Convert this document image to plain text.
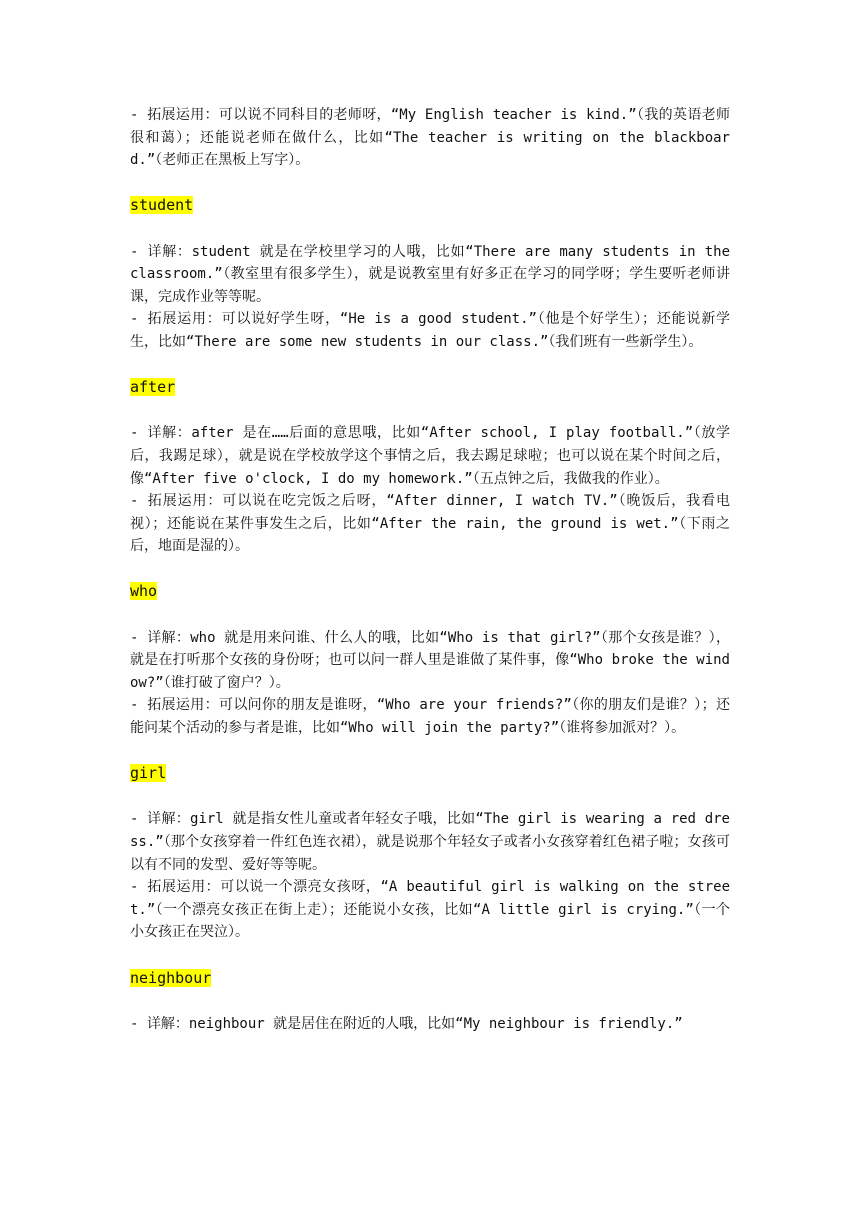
- 拓展运用：可以说不同科目的老师呀，“My English teacher is kind.”（我的英语老师很和蔼）；还能说老师在做什么，比如“The teacher is writing on the blackboard.”（老师正在黑板上写字）。

student

- 详解：student 就是在学校里学习的人哦，比如“There are many students in the classroom.”（教室里有很多学生），就是说教室里有好多正在学习的同学呀；学生要听老师讲课，完成作业等等呢。

- 拓展运用：可以说好学生呀，“He is a good student.”（他是个好学生）；还能说新学生，比如“There are some new students in our class.”（我们班有一些新学生）。

after

- 详解：after 是在……后面的意思哦，比如“After school, I play football.”（放学后，我踢足球），就是说在学校放学这个事情之后，我去踢足球啦；也可以说在某个时间之后，像“After five o'clock, I do my homework.”（五点钟之后，我做我的作业）。

- 拓展运用：可以说在吃完饭之后呀，“After dinner, I watch TV.”（晚饭后，我看电视）；还能说在某件事发生之后，比如“After the rain, the ground is wet.”（下雨之后，地面是湿的）。

who

- 详解：who 就是用来问谁、什么人的哦，比如“Who is that girl?”（那个女孩是谁？），就是在打听那个女孩的身份呀；也可以问一群人里是谁做了某件事，像“Who broke the window?”（谁打破了窗户？）。

- 拓展运用：可以问你的朋友是谁呀，“Who are your friends?”（你的朋友们是谁？）；还能问某个活动的参与者是谁，比如“Who will join the party?”（谁将参加派对？）。

girl

- 详解：girl 就是指女性儿童或者年轻女子哦，比如“The girl is wearing a red dress.”（那个女孩穿着一件红色连衣裙），就是说那个年轻女子或者小女孩穿着红色裙子啦；女孩可以有不同的发型、爱好等等呢。

- 拓展运用：可以说一个漂亮女孩呀，“A beautiful girl is walking on the street.”（一个漂亮女孩正在街上走）；还能说小女孩，比如“A little girl is crying.”（一个小女孩正在哭泣）。

neighbour

- 详解：neighbour 就是居住在附近的人哦，比如“My neighbour is friendly.”
